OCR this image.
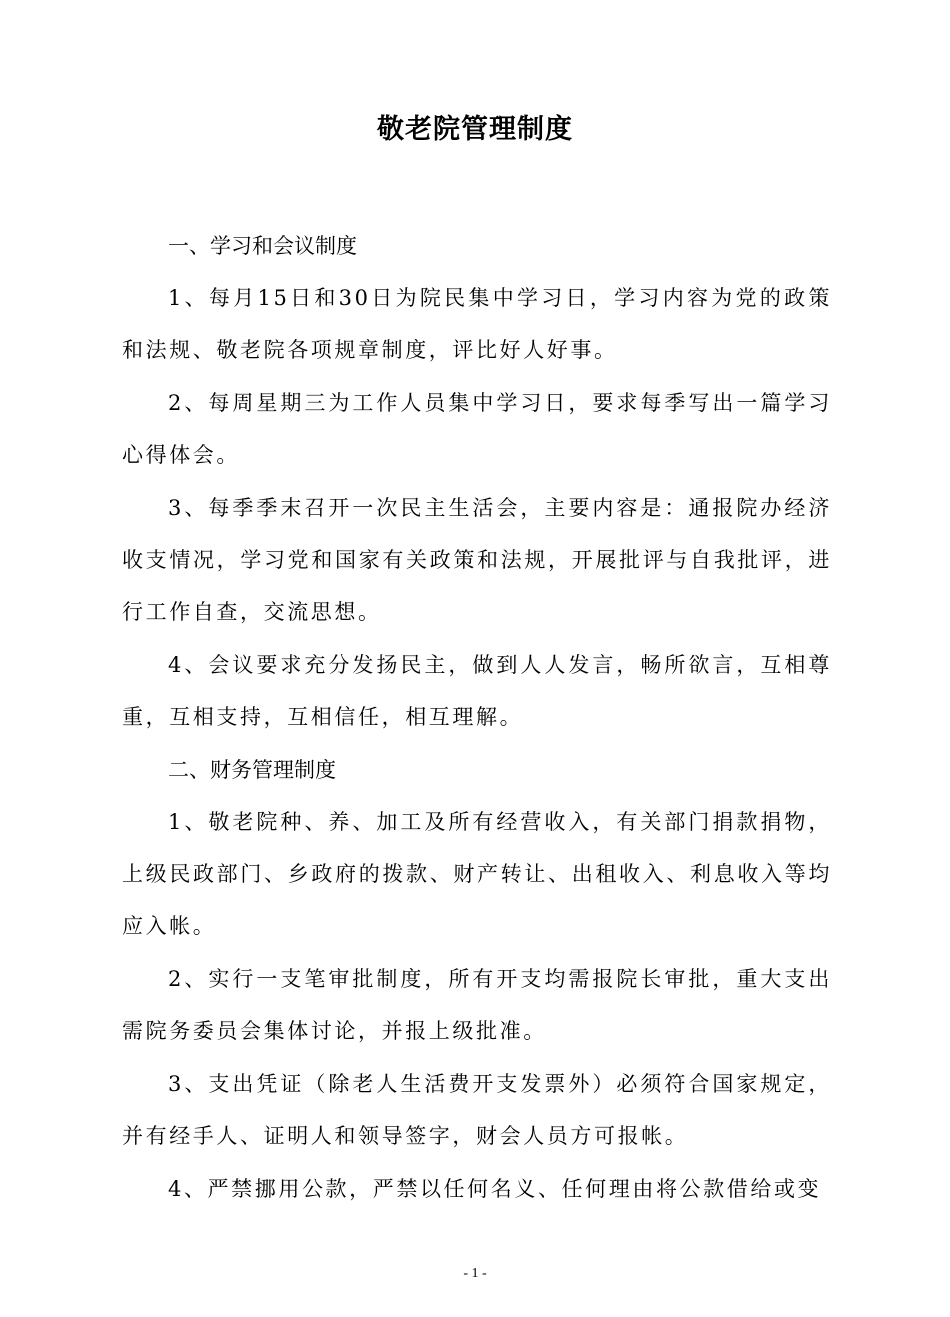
敬老院管理制度
一、学习和会议制度
1、每月15日和30日为院民集中学习日，学习内容为党的政策和法规、敬老院各项规章制度，评比好人好事。
2、每周星期三为工作人员集中学习日，要求每季写出一篇学习心得体会。
3、每季季末召开一次民主生活会，主要内容是：通报院办经济收支情况，学习党和国家有关政策和法规，开展批评与自我批评，进行工作自查，交流思想。
4、会议要求充分发扬民主，做到人人发言，畅所欲言，互相尊重，互相支持，互相信任，相互理解。
二、财务管理制度
1、敬老院种、养、加工及所有经营收入，有关部门捐款捐物，上级民政部门、乡政府的拨款、财产转让、出租收入、利息收入等均应入帐。
2、实行一支笔审批制度，所有开支均需报院长审批，重大支出需院务委员会集体讨论，并报上级批准。
3、支出凭证（除老人生活费开支发票外）必须符合国家规定，并有经手人、证明人和领导签字，财会人员方可报帐。
4、严禁挪用公款，严禁以任何名义、任何理由将公款借给或变
- 1 -
